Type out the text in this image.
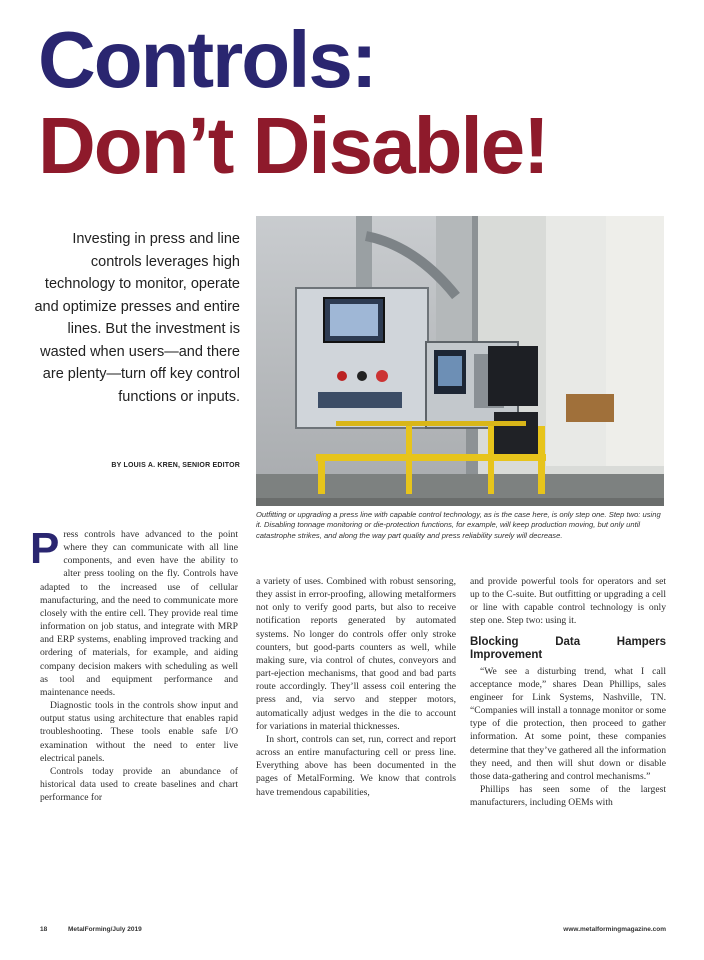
Controls:
Don’t Disable!
Investing in press and line controls leverages high technology to monitor, operate and optimize presses and entire lines. But the investment is wasted when users—and there are plenty—turn off key control functions or inputs.
BY LOUIS A. KREN, SENIOR EDITOR
Outfitting or upgrading a press line with capable control technology, as is the case here, is only step one. Step two: using it. Disabling tonnage monitoring or die-protection functions, for example, will keep production moving, but only until catastrophe strikes, and along the way part quality and press reliability surely will decrease.

Press controls have advanced to the point where they can communicate with all line components, and even have the ability to alter press tooling on the fly. Controls have adapted to the increased use of cellular manufacturing, and the need to communicate more closely with the entire cell. They provide real time information on job status, and integrate with MRP and ERP systems, enabling improved tracking and ordering of materials, for example, and aiding company decision makers with scheduling as well as tool and equipment performance and maintenance needs.

Diagnostic tools in the controls show input and output status using architecture that enables rapid troubleshooting. These tools enable safe I/O examination without the need to enter live electrical panels.

Controls today provide an abundance of historical data used to create baselines and chart performance for

a variety of uses. Combined with robust sensoring, they assist in error-proofing, allowing metalformers not only to verify good parts, but also to receive notification reports generated by automated systems. No longer do controls offer only stroke counters, but good-parts counters as well, while making sure, via control of chutes, conveyors and part-ejection mechanisms, that good and bad parts route accordingly. They’ll assess coil entering the press and, via servo and stepper motors, automatically adjust wedges in the die to account for variations in material thicknesses.

In short, controls can set, run, correct and report across an entire manufacturing cell or press line. Everything above has been documented in the pages of MetalForming. We know that controls have tremendous capabilities,

and provide powerful tools for operators and set up to the C-suite. But outfitting or upgrading a cell or line with capable control technology is only step one. Step two: using it.

Blocking Data Hampers Improvement

“We see a disturbing trend, what I call acceptance mode,” shares Dean Phillips, sales engineer for Link Systems, Nashville, TN. “Companies will install a tonnage monitor or some type of die protection, then proceed to gather information. At some point, these companies determine that they’ve gathered all the information they need, and then will shut down or disable those data-gathering and control mechanisms.”

Phillips has seen some of the largest manufacturers, including OEMs with

18	MetalForming/July 2019	www.metalformingmagazine.com
